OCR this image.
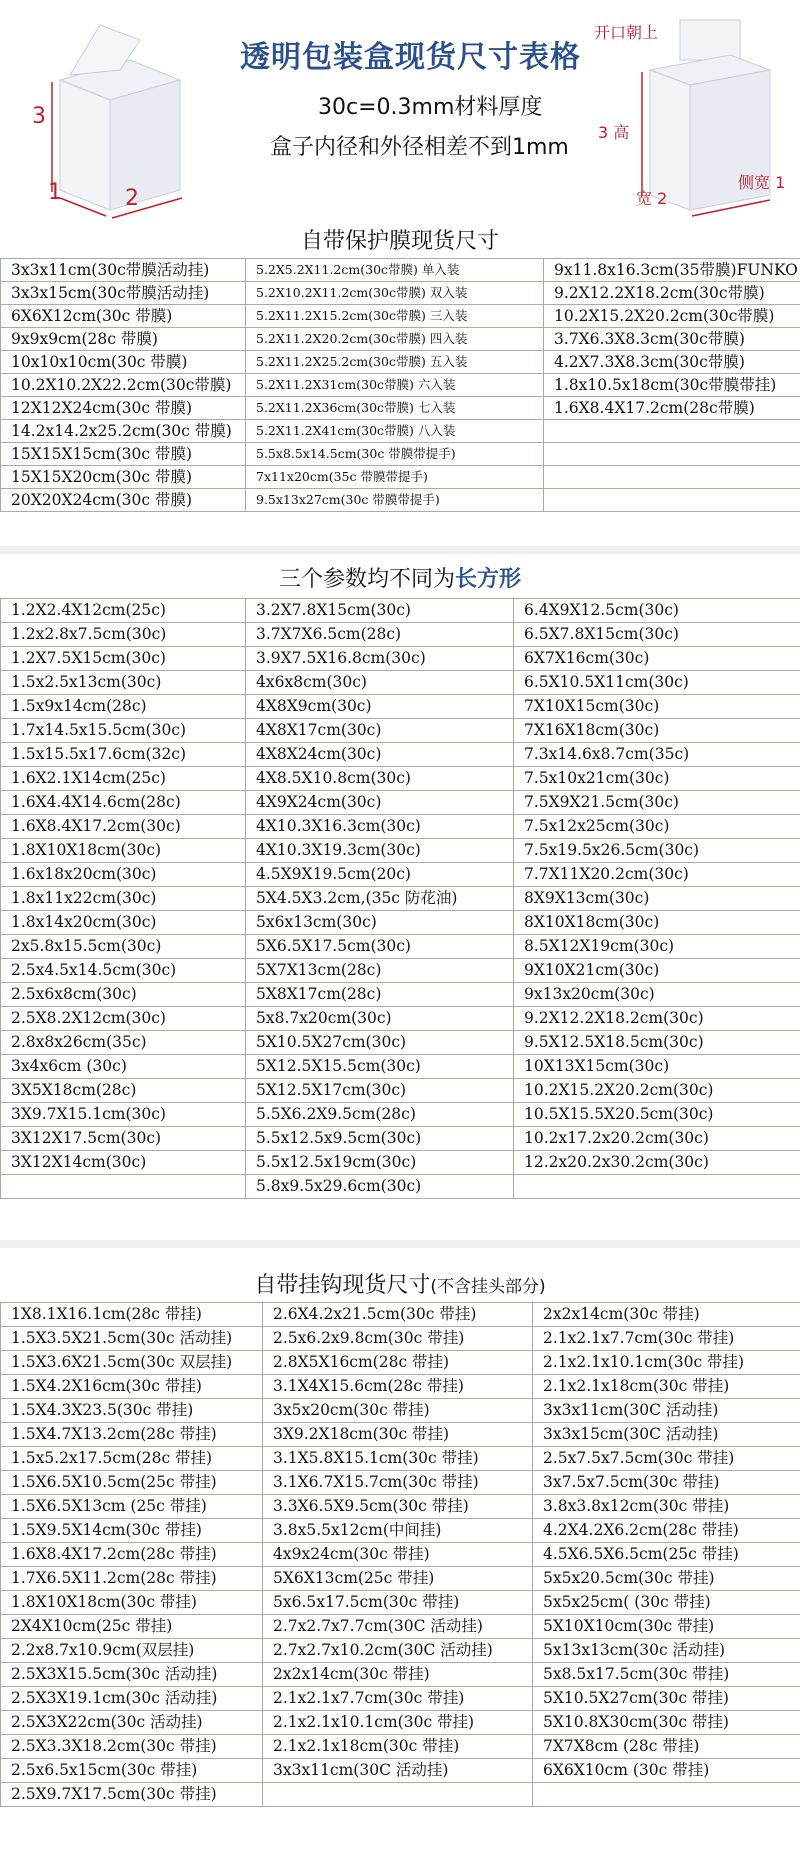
3
1	2
透明包装盒现货尺寸表格
30c=0.3mm材料厚度
盒子内径和外径相差不到1mm
开口朝上
3 高
宽 2
侧宽 1
自带保护膜现货尺寸
3x3x11cm(30c带膜活动挂)	5.2X5.2X11.2cm(30c带膜) 单入装	9x11.8x16.3cm(35带膜)FUNKO
3x3x15cm(30c带膜活动挂)	5.2X10.2X11.2cm(30c带膜) 双入装	9.2X12.2X18.2cm(30c带膜)
6X6X12cm(30c 带膜)	5.2X11.2X15.2cm(30c带膜) 三入装	10.2X15.2X20.2cm(30c带膜)
9x9x9cm(28c 带膜)	5.2X11.2X20.2cm(30c带膜) 四入装	3.7X6.3X8.3cm(30c带膜)
10x10x10cm(30c 带膜)	5.2X11.2X25.2cm(30c带膜) 五入装	4.2X7.3X8.3cm(30c带膜)
10.2X10.2X22.2cm(30c带膜)	5.2X11.2X31cm(30c带膜) 六入装	1.8x10.5x18cm(30c带膜带挂)
12X12X24cm(30c 带膜)	5.2X11.2X36cm(30c带膜) 七入装	1.6X8.4X17.2cm(28c带膜)
14.2x14.2x25.2cm(30c 带膜)	5.2X11.2X41cm(30c带膜) 八入装	
15X15X15cm(30c 带膜)	5.5x8.5x14.5cm(30c 带膜带提手)	
15X15X20cm(30c 带膜)	7x11x20cm(35c 带膜带提手)	
20X20X24cm(30c 带膜)	9.5x13x27cm(30c 带膜带提手)	
三个参数均不同为长方形
1.2X2.4X12cm(25c)	3.2X7.8X15cm(30c)	6.4X9X12.5cm(30c)
1.2x2.8x7.5cm(30c)	3.7X7X6.5cm(28c)	6.5X7.8X15cm(30c)
1.2X7.5X15cm(30c)	3.9X7.5X16.8cm(30c)	6X7X16cm(30c)
1.5x2.5x13cm(30c)	4x6x8cm(30c)	6.5X10.5X11cm(30c)
1.5x9x14cm(28c)	4X8X9cm(30c)	7X10X15cm(30c)
1.7x14.5x15.5cm(30c)	4X8X17cm(30c)	7X16X18cm(30c)
1.5x15.5x17.6cm(32c)	4X8X24cm(30c)	7.3x14.6x8.7cm(35c)
1.6X2.1X14cm(25c)	4X8.5X10.8cm(30c)	7.5x10x21cm(30c)
1.6X4.4X14.6cm(28c)	4X9X24cm(30c)	7.5X9X21.5cm(30c)
1.6X8.4X17.2cm(30c)	4X10.3X16.3cm(30c)	7.5x12x25cm(30c)
1.8X10X18cm(30c)	4X10.3X19.3cm(30c)	7.5x19.5x26.5cm(30c)
1.6x18x20cm(30c)	4.5X9X19.5cm(20c)	7.7X11X20.2cm(30c)
1.8x11x22cm(30c)	5X4.5X3.2cm,(35c 防花油)	8X9X13cm(30c)
1.8x14x20cm(30c)	5x6x13cm(30c)	8X10X18cm(30c)
2x5.8x15.5cm(30c)	5X6.5X17.5cm(30c)	8.5X12X19cm(30c)
2.5x4.5x14.5cm(30c)	5X7X13cm(28c)	9X10X21cm(30c)
2.5x6x8cm(30c)	5X8X17cm(28c)	9x13x20cm(30c)
2.5X8.2X12cm(30c)	5x8.7x20cm(30c)	9.2X12.2X18.2cm(30c)
2.8x8x26cm(35c)	5X10.5X27cm(30c)	9.5X12.5X18.5cm(30c)
3x4x6cm (30c)	5X12.5X15.5cm(30c)	10X13X15cm(30c)
3X5X18cm(28c)	5X12.5X17cm(30c)	10.2X15.2X20.2cm(30c)
3X9.7X15.1cm(30c)	5.5X6.2X9.5cm(28c)	10.5X15.5X20.5cm(30c)
3X12X17.5cm(30c)	5.5x12.5x9.5cm(30c)	10.2x17.2x20.2cm(30c)
3X12X14cm(30c)	5.5x12.5x19cm(30c)	12.2x20.2x30.2cm(30c)
	5.8x9.5x29.6cm(30c)	
自带挂钩现货尺寸(不含挂头部分)
1X8.1X16.1cm(28c 带挂)	2.6X4.2x21.5cm(30c 带挂)	2x2x14cm(30c 带挂)
1.5X3.5X21.5cm(30c 活动挂)	2.5x6.2x9.8cm(30c 带挂)	2.1x2.1x7.7cm(30c 带挂)
1.5X3.6X21.5cm(30c 双层挂)	2.8X5X16cm(28c 带挂)	2.1x2.1x10.1cm(30c 带挂)
1.5X4.2X16cm(30c 带挂)	3.1X4X15.6cm(28c 带挂)	2.1x2.1x18cm(30c 带挂)
1.5X4.3X23.5(30c 带挂)	3x5x20cm(30c 带挂)	3x3x11cm(30C 活动挂)
1.5X4.7X13.2cm(28c 带挂)	3X9.2X18cm(30c 带挂)	3x3x15cm(30C 活动挂)
1.5x5.2x17.5cm(28c 带挂)	3.1X5.8X15.1cm(30c 带挂)	2.5x7.5x7.5cm(30c 带挂)
1.5X6.5X10.5cm(25c 带挂)	3.1X6.7X15.7cm(30c 带挂)	3x7.5x7.5cm(30c 带挂)
1.5X6.5X13cm (25c 带挂)	3.3X6.5X9.5cm(30c 带挂)	3.8x3.8x12cm(30c 带挂)
1.5X9.5X14cm(30c 带挂)	3.8x5.5x12cm(中间挂)	4.2X4.2X6.2cm(28c 带挂)
1.6X8.4X17.2cm(28c 带挂)	4x9x24cm(30c 带挂)	4.5X6.5X6.5cm(25c 带挂)
1.7X6.5X11.2cm(28c 带挂)	5X6X13cm(25c 带挂)	5x5x20.5cm(30c 带挂)
1.8X10X18cm(30c 带挂)	5x6.5x17.5cm(30c 带挂)	5x5x25cm( (30c 带挂)
2X4X10cm(25c 带挂)	2.7x2.7x7.7cm(30C 活动挂)	5X10X10cm(30c 带挂)
2.2x8.7x10.9cm(双层挂)	2.7x2.7x10.2cm(30C 活动挂)	5x13x13cm(30c 活动挂)
2.5X3X15.5cm(30c 活动挂)	2x2x14cm(30c 带挂)	5x8.5x17.5cm(30c 带挂)
2.5X3X19.1cm(30c 活动挂)	2.1x2.1x7.7cm(30c 带挂)	5X10.5X27cm(30c 带挂)
2.5X3X22cm(30c 活动挂)	2.1x2.1x10.1cm(30c 带挂)	5X10.8X30cm(30c 带挂)
2.5X3.3X18.2cm(30c 带挂)	2.1x2.1x18cm(30c 带挂)	7X7X8cm (28c 带挂)
2.5x6.5x15cm(30c 带挂)	3x3x11cm(30C 活动挂)	6X6X10cm (30c 带挂)
2.5X9.7X17.5cm(30c 带挂)		
